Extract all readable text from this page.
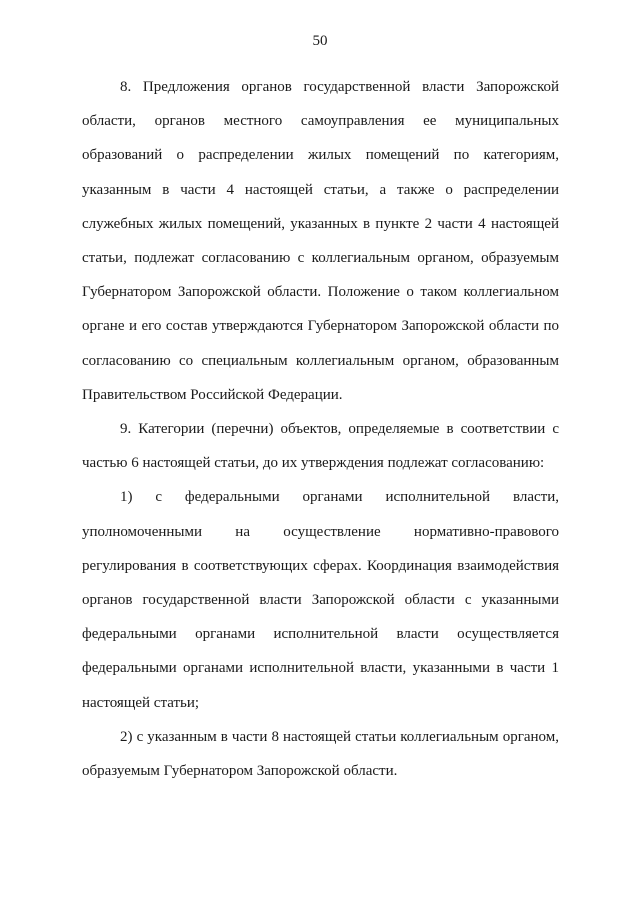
50

8. Предложения органов государственной власти Запорожской области, органов местного самоуправления ее муниципальных образований о распределении жилых помещений по категориям, указанным в части 4 настоящей статьи, а также о распределении служебных жилых помещений, указанных в пункте 2 части 4 настоящей статьи, подлежат согласованию с коллегиальным органом, образуемым Губернатором Запорожской области. Положение о таком коллегиальном органе и его состав утверждаются Губернатором Запорожской области по согласованию со специальным коллегиальным органом, образованным Правительством Российской Федерации.

9. Категории (перечни) объектов, определяемые в соответствии с частью 6 настоящей статьи, до их утверждения подлежат согласованию:

1) с федеральными органами исполнительной власти, уполномоченными на осуществление нормативно-правового регулирования в соответствующих сферах. Координация взаимодействия органов государственной власти Запорожской области с указанными федеральными органами исполнительной власти осуществляется федеральными органами исполнительной власти, указанными в части 1 настоящей статьи;

2) с указанным в части 8 настоящей статьи коллегиальным органом, образуемым Губернатором Запорожской области.
